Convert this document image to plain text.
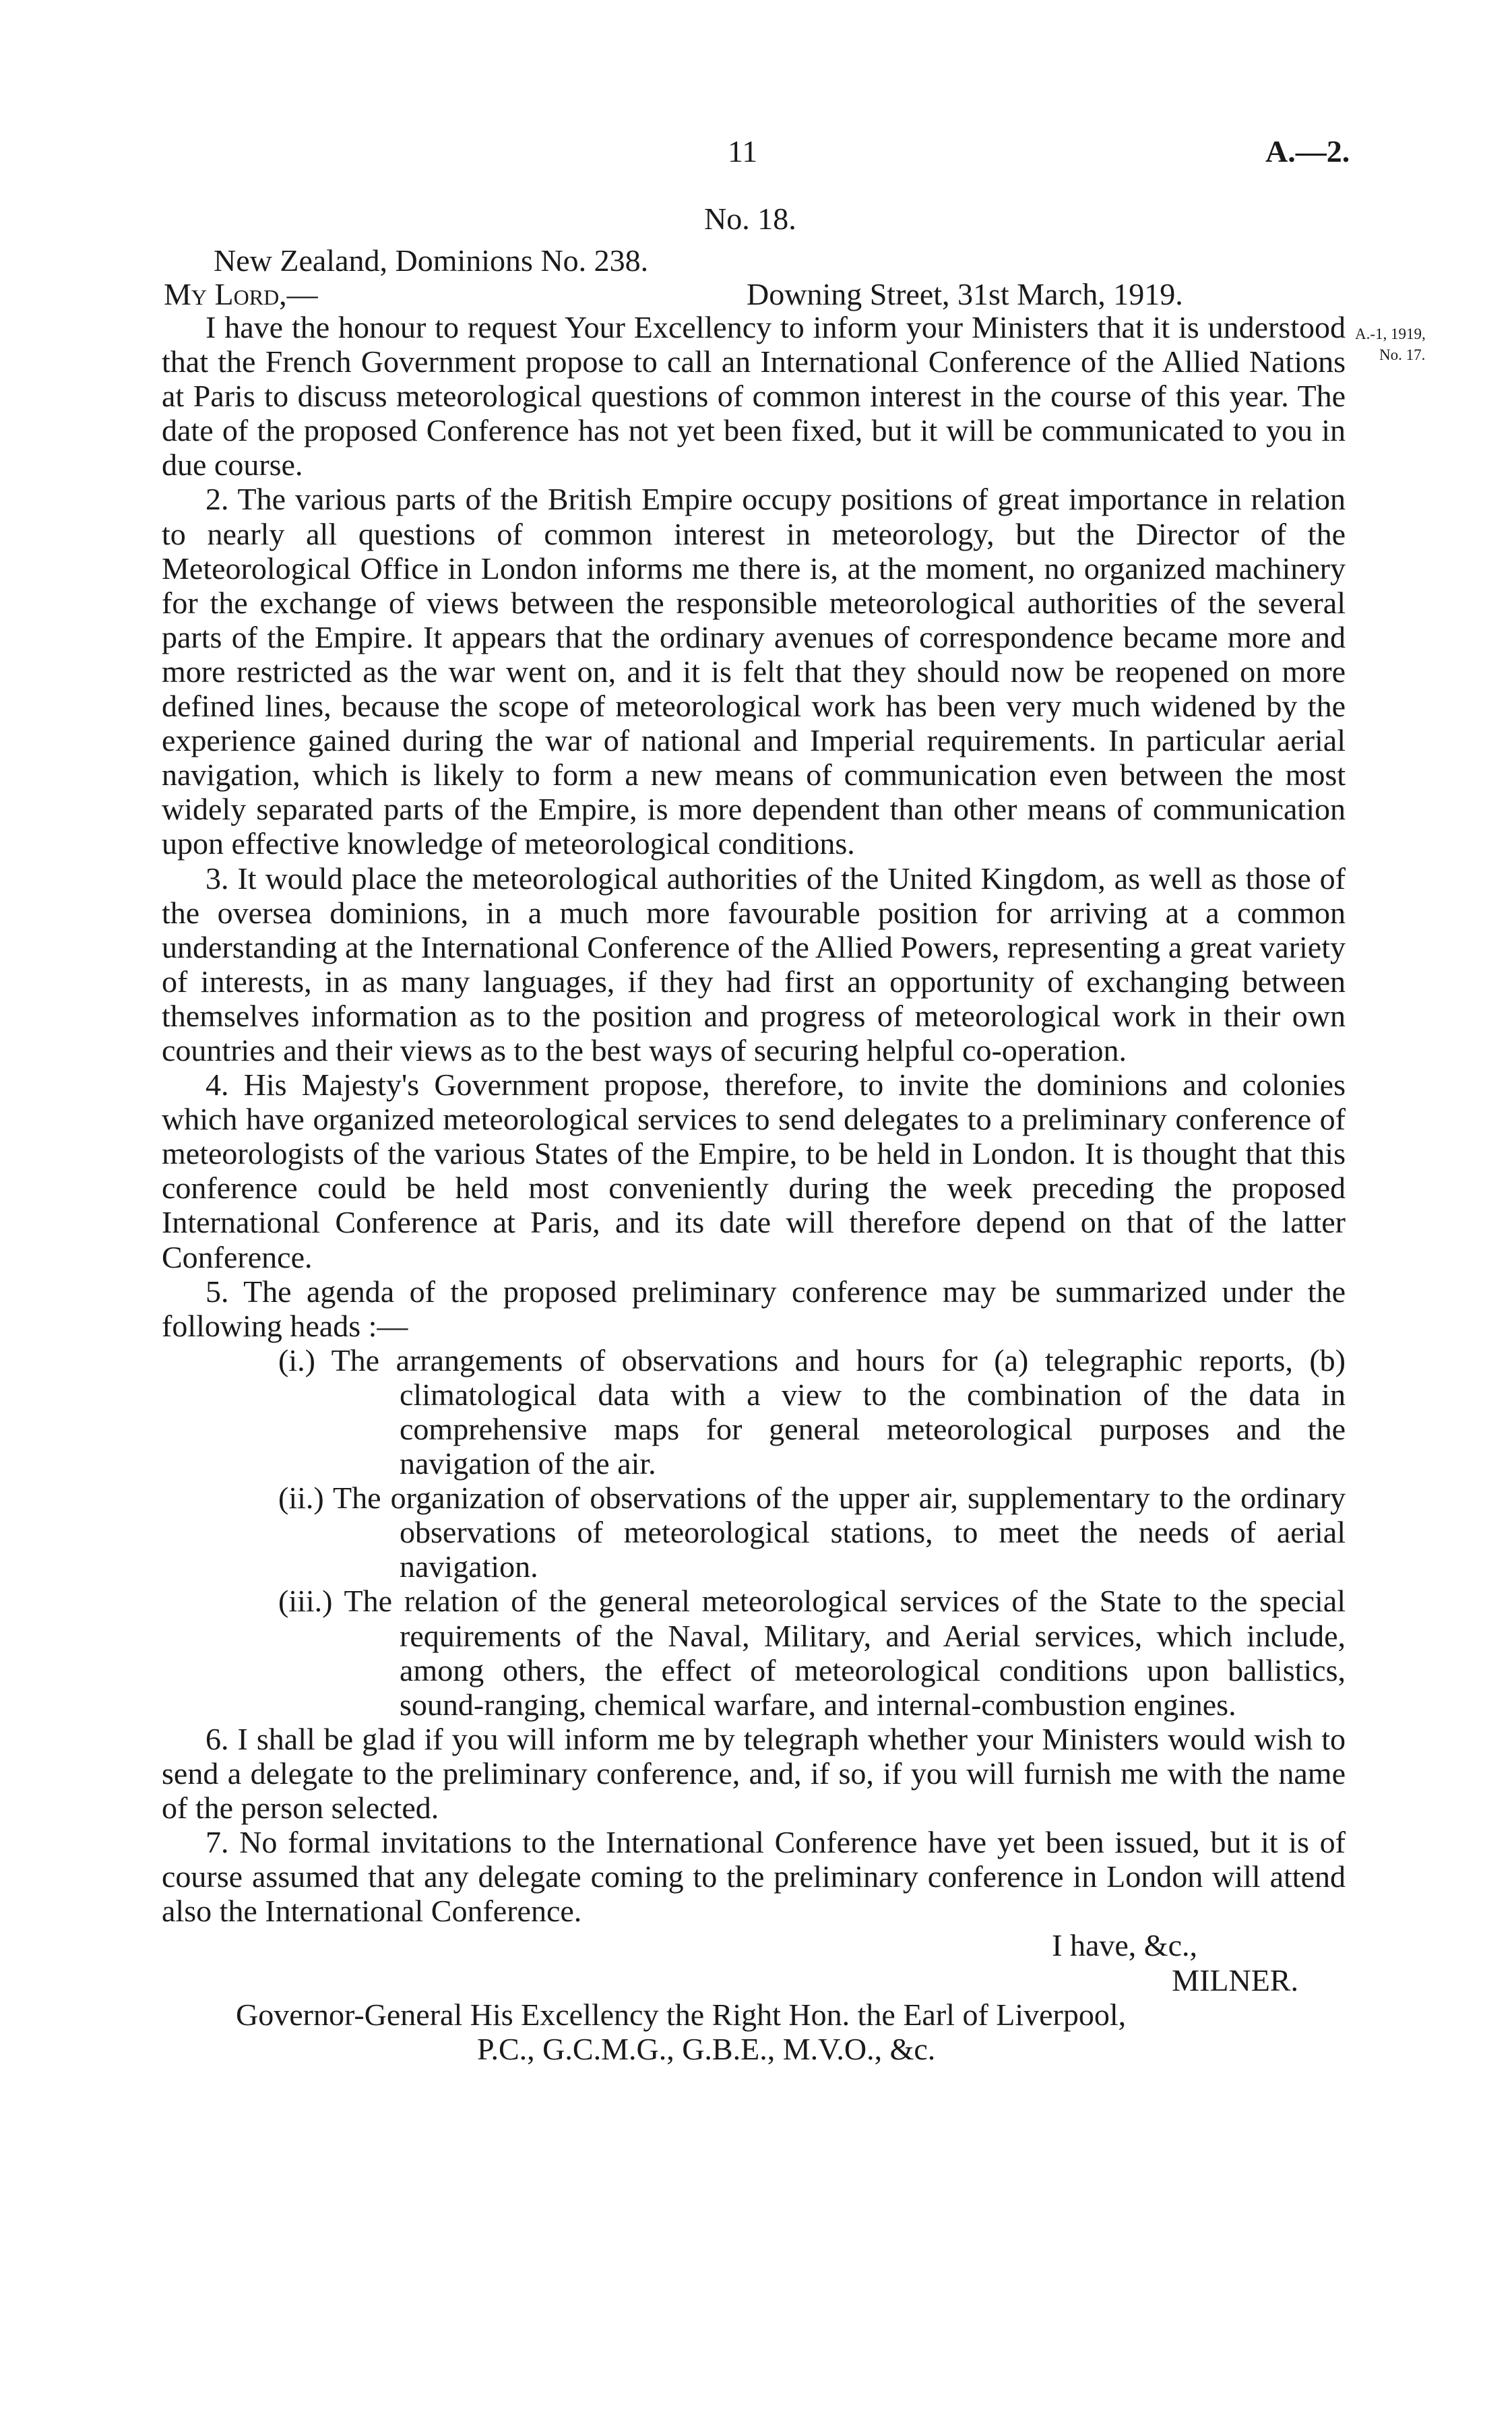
11	A.—2.
No. 18.
New Zealand, Dominions No. 238.
My Lord,—	Downing Street, 31st March, 1919.
A.-1, 1919,
No. 17.

I have the honour to request Your Excellency to inform your Ministers that it is understood that the French Government propose to call an International Conference of the Allied Nations at Paris to discuss meteorological questions of common interest in the course of this year. The date of the proposed Conference has not yet been fixed, but it will be communicated to you in due course.

2. The various parts of the British Empire occupy positions of great importance in relation to nearly all questions of common interest in meteorology, but the Director of the Meteorological Office in London informs me there is, at the moment, no organized machinery for the exchange of views between the responsible meteorological authorities of the several parts of the Empire. It appears that the ordinary avenues of correspondence became more and more restricted as the war went on, and it is felt that they should now be reopened on more defined lines, because the scope of meteorological work has been very much widened by the experience gained during the war of national and Imperial requirements. In particular aerial navigation, which is likely to form a new means of communication even between the most widely separated parts of the Empire, is more dependent than other means of communication upon effective knowledge of meteorological conditions.

3. It would place the meteorological authorities of the United Kingdom, as well as those of the oversea dominions, in a much more favourable position for arriving at a common understanding at the International Conference of the Allied Powers, representing a great variety of interests, in as many languages, if they had first an opportunity of exchanging between themselves information as to the position and progress of meteorological work in their own countries and their views as to the best ways of securing helpful co-operation.

4. His Majesty's Government propose, therefore, to invite the dominions and colonies which have organized meteorological services to send delegates to a preliminary conference of meteorologists of the various States of the Empire, to be held in London. It is thought that this conference could be held most conveniently during the week preceding the proposed International Conference at Paris, and its date will therefore depend on that of the latter Conference.

5. The agenda of the proposed preliminary conference may be summarized under the following heads :—

(i.) The arrangements of observations and hours for (a) telegraphic reports, (b) climatological data with a view to the combination of the data in comprehensive maps for general meteorological purposes and the navigation of the air.

(ii.) The organization of observations of the upper air, supplementary to the ordinary observations of meteorological stations, to meet the needs of aerial navigation.

(iii.) The relation of the general meteorological services of the State to the special requirements of the Naval, Military, and Aerial services, which include, among others, the effect of meteorological conditions upon ballistics, sound-ranging, chemical warfare, and internal-combustion engines.

6. I shall be glad if you will inform me by telegraph whether your Ministers would wish to send a delegate to the preliminary conference, and, if so, if you will furnish me with the name of the person selected.

7. No formal invitations to the International Conference have yet been issued, but it is of course assumed that any delegate coming to the preliminary conference in London will attend also the International Conference.

I have, &c.,
MILNER.
Governor-General His Excellency the Right Hon. the Earl of Liverpool,
P.C., G.C.M.G., G.B.E., M.V.O., &c.
